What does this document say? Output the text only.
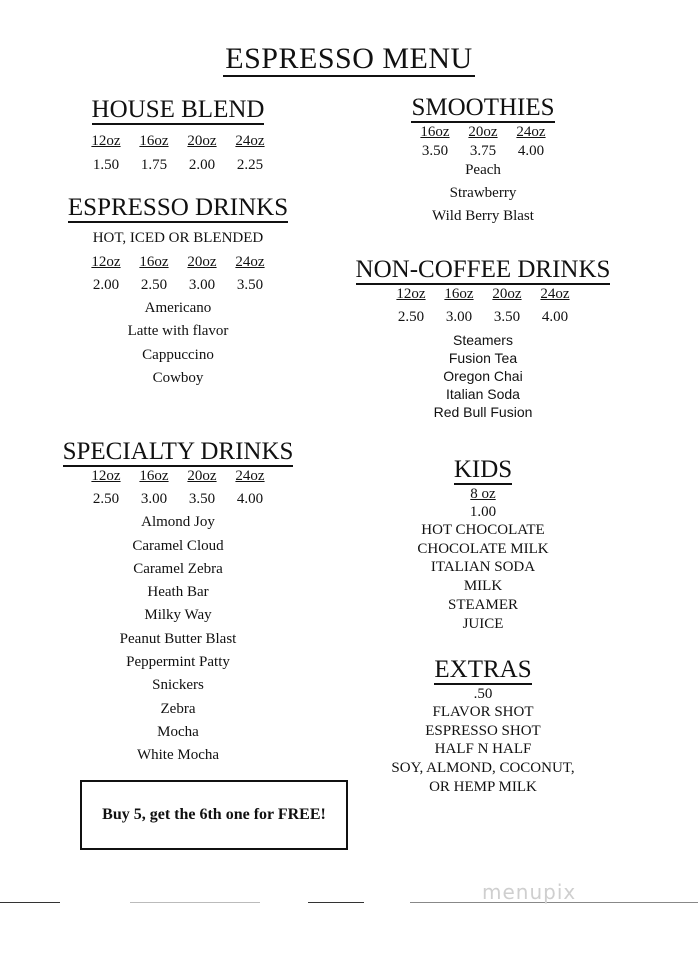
ESPRESSO MENU
HOUSE BLEND
12oz	16oz	20oz	24oz
1.50	1.75	2.00	2.25
ESPRESSO DRINKS
HOT, ICED OR BLENDED
12oz	16oz	20oz	24oz
2.00	2.50	3.00	3.50
Americano
Latte with flavor
Cappuccino
Cowboy
SPECIALTY DRINKS
12oz	16oz	20oz	24oz
2.50	3.00	3.50	4.00
Almond Joy
Caramel Cloud
Caramel Zebra
Heath Bar
Milky Way
Peanut Butter Blast
Peppermint Patty
Snickers
Zebra
Mocha
White Mocha
Buy 5, get the 6th one for FREE!
SMOOTHIES
16oz	20oz	24oz
3.50	3.75	4.00
Peach
Strawberry
Wild Berry Blast
NON-COFFEE DRINKS
12oz	16oz	20oz	24oz
2.50	3.00	3.50	4.00
Steamers
Fusion Tea
Oregon Chai
Italian Soda
Red Bull Fusion
KIDS
8 oz
1.00
HOT CHOCOLATE
CHOCOLATE MILK
ITALIAN SODA
MILK
STEAMER
JUICE
EXTRAS
.50
FLAVOR SHOT
ESPRESSO SHOT
HALF N HALF
SOY, ALMOND, COCONUT,
OR HEMP MILK
menupix
